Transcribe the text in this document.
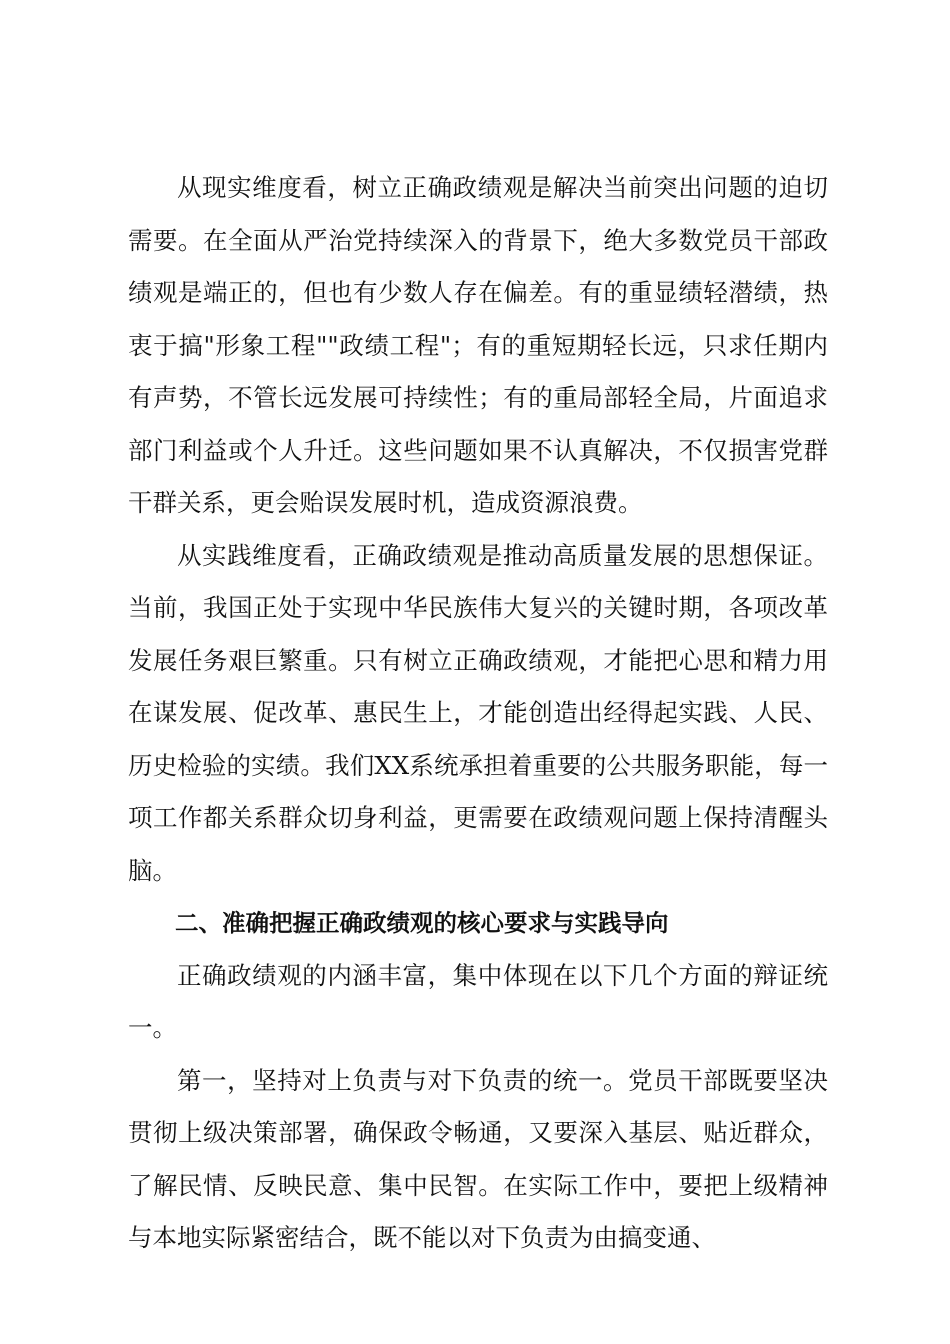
从现实维度看，树立正确政绩观是解决当前突出问题的迫切需要。在全面从严治党持续深入的背景下，绝大多数党员干部政绩观是端正的，但也有少数人存在偏差。有的重显绩轻潜绩，热衷于搞"形象工程""政绩工程"；有的重短期轻长远，只求任期内有声势，不管长远发展可持续性；有的重局部轻全局，片面追求部门利益或个人升迁。这些问题如果不认真解决，不仅损害党群干群关系，更会贻误发展时机，造成资源浪费。

从实践维度看，正确政绩观是推动高质量发展的思想保证。当前，我国正处于实现中华民族伟大复兴的关键时期，各项改革发展任务艰巨繁重。只有树立正确政绩观，才能把心思和精力用在谋发展、促改革、惠民生上，才能创造出经得起实践、人民、历史检验的实绩。我们XX系统承担着重要的公共服务职能，每一项工作都关系群众切身利益，更需要在政绩观问题上保持清醒头脑。

二、准确把握正确政绩观的核心要求与实践导向

正确政绩观的内涵丰富，集中体现在以下几个方面的辩证统一。

第一，坚持对上负责与对下负责的统一。党员干部既要坚决贯彻上级决策部署，确保政令畅通，又要深入基层、贴近群众，了解民情、反映民意、集中民智。在实际工作中，要把上级精神与本地实际紧密结合，既不能以对下负责为由搞变通、
